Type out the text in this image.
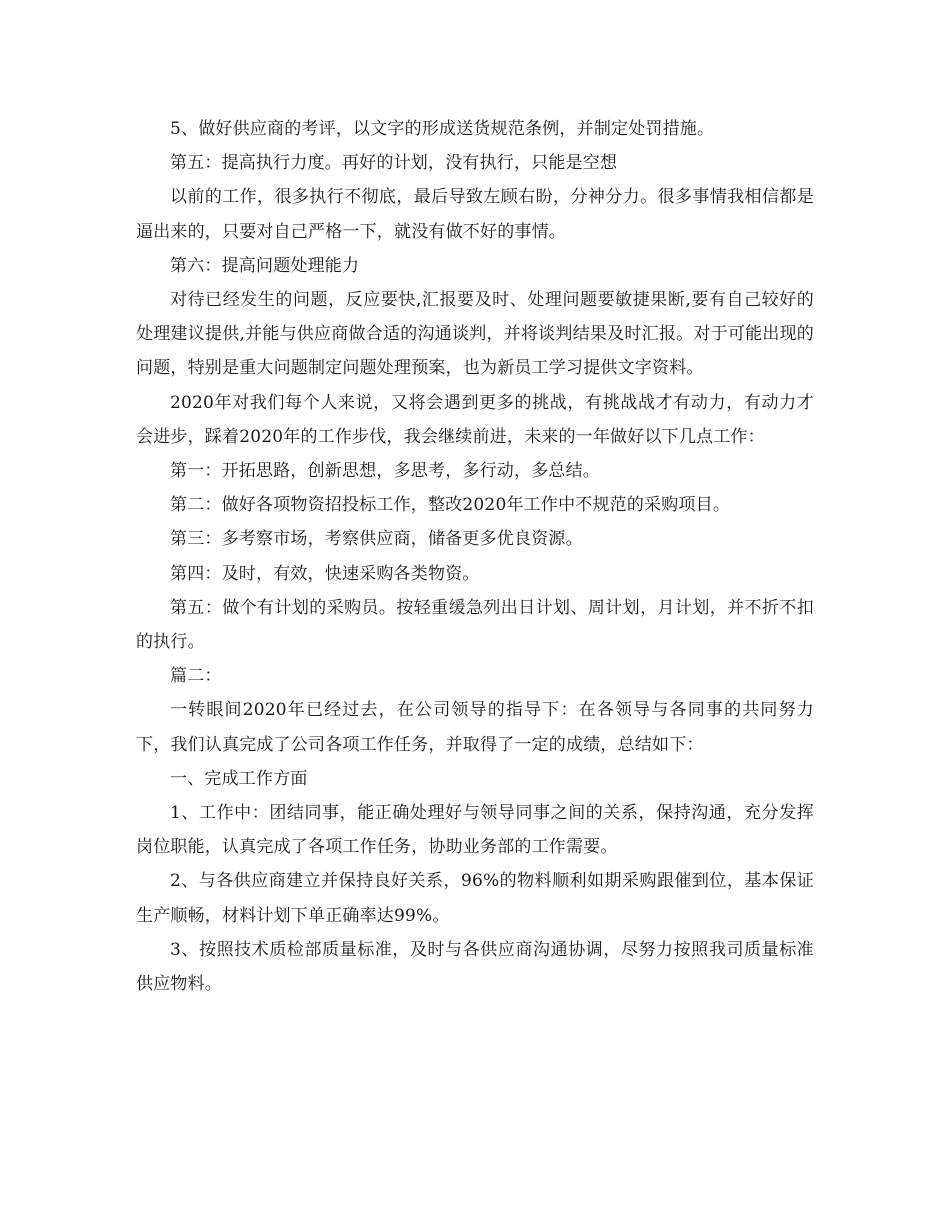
5、做好供应商的考评，以文字的形成送货规范条例，并制定处罚措施。

第五：提高执行力度。再好的计划，没有执行，只能是空想

以前的工作，很多执行不彻底，最后导致左顾右盼，分神分力。很多事情我相信都是逼出来的，只要对自己严格一下，就没有做不好的事情。

第六：提高问题处理能力

对待已经发生的问题，反应要快,汇报要及时、处理问题要敏捷果断,要有自己较好的处理建议提供,并能与供应商做合适的沟通谈判，并将谈判结果及时汇报。对于可能出现的问题，特别是重大问题制定问题处理预案，也为新员工学习提供文字资料。

2020年对我们每个人来说，又将会遇到更多的挑战，有挑战战才有动力，有动力才会进步，踩着2020年的工作步伐，我会继续前进，未来的一年做好以下几点工作：

第一：开拓思路，创新思想，多思考，多行动，多总结。

第二：做好各项物资招投标工作，整改2020年工作中不规范的采购项目。

第三：多考察市场，考察供应商，储备更多优良资源。

第四：及时，有效，快速采购各类物资。

第五：做个有计划的采购员。按轻重缓急列出日计划、周计划，月计划，并不折不扣的执行。

篇二：

一转眼间2020年已经过去，在公司领导的指导下：在各领导与各同事的共同努力下，我们认真完成了公司各项工作任务，并取得了一定的成绩，总结如下：

一、完成工作方面

1、工作中：团结同事，能正确处理好与领导同事之间的关系，保持沟通，充分发挥岗位职能，认真完成了各项工作任务，协助业务部的工作需要。

2、与各供应商建立并保持良好关系，96%的物料顺利如期采购跟催到位，基本保证生产顺畅，材料计划下单正确率达99%。

3、按照技术质检部质量标准，及时与各供应商沟通协调，尽努力按照我司质量标准供应物料。
